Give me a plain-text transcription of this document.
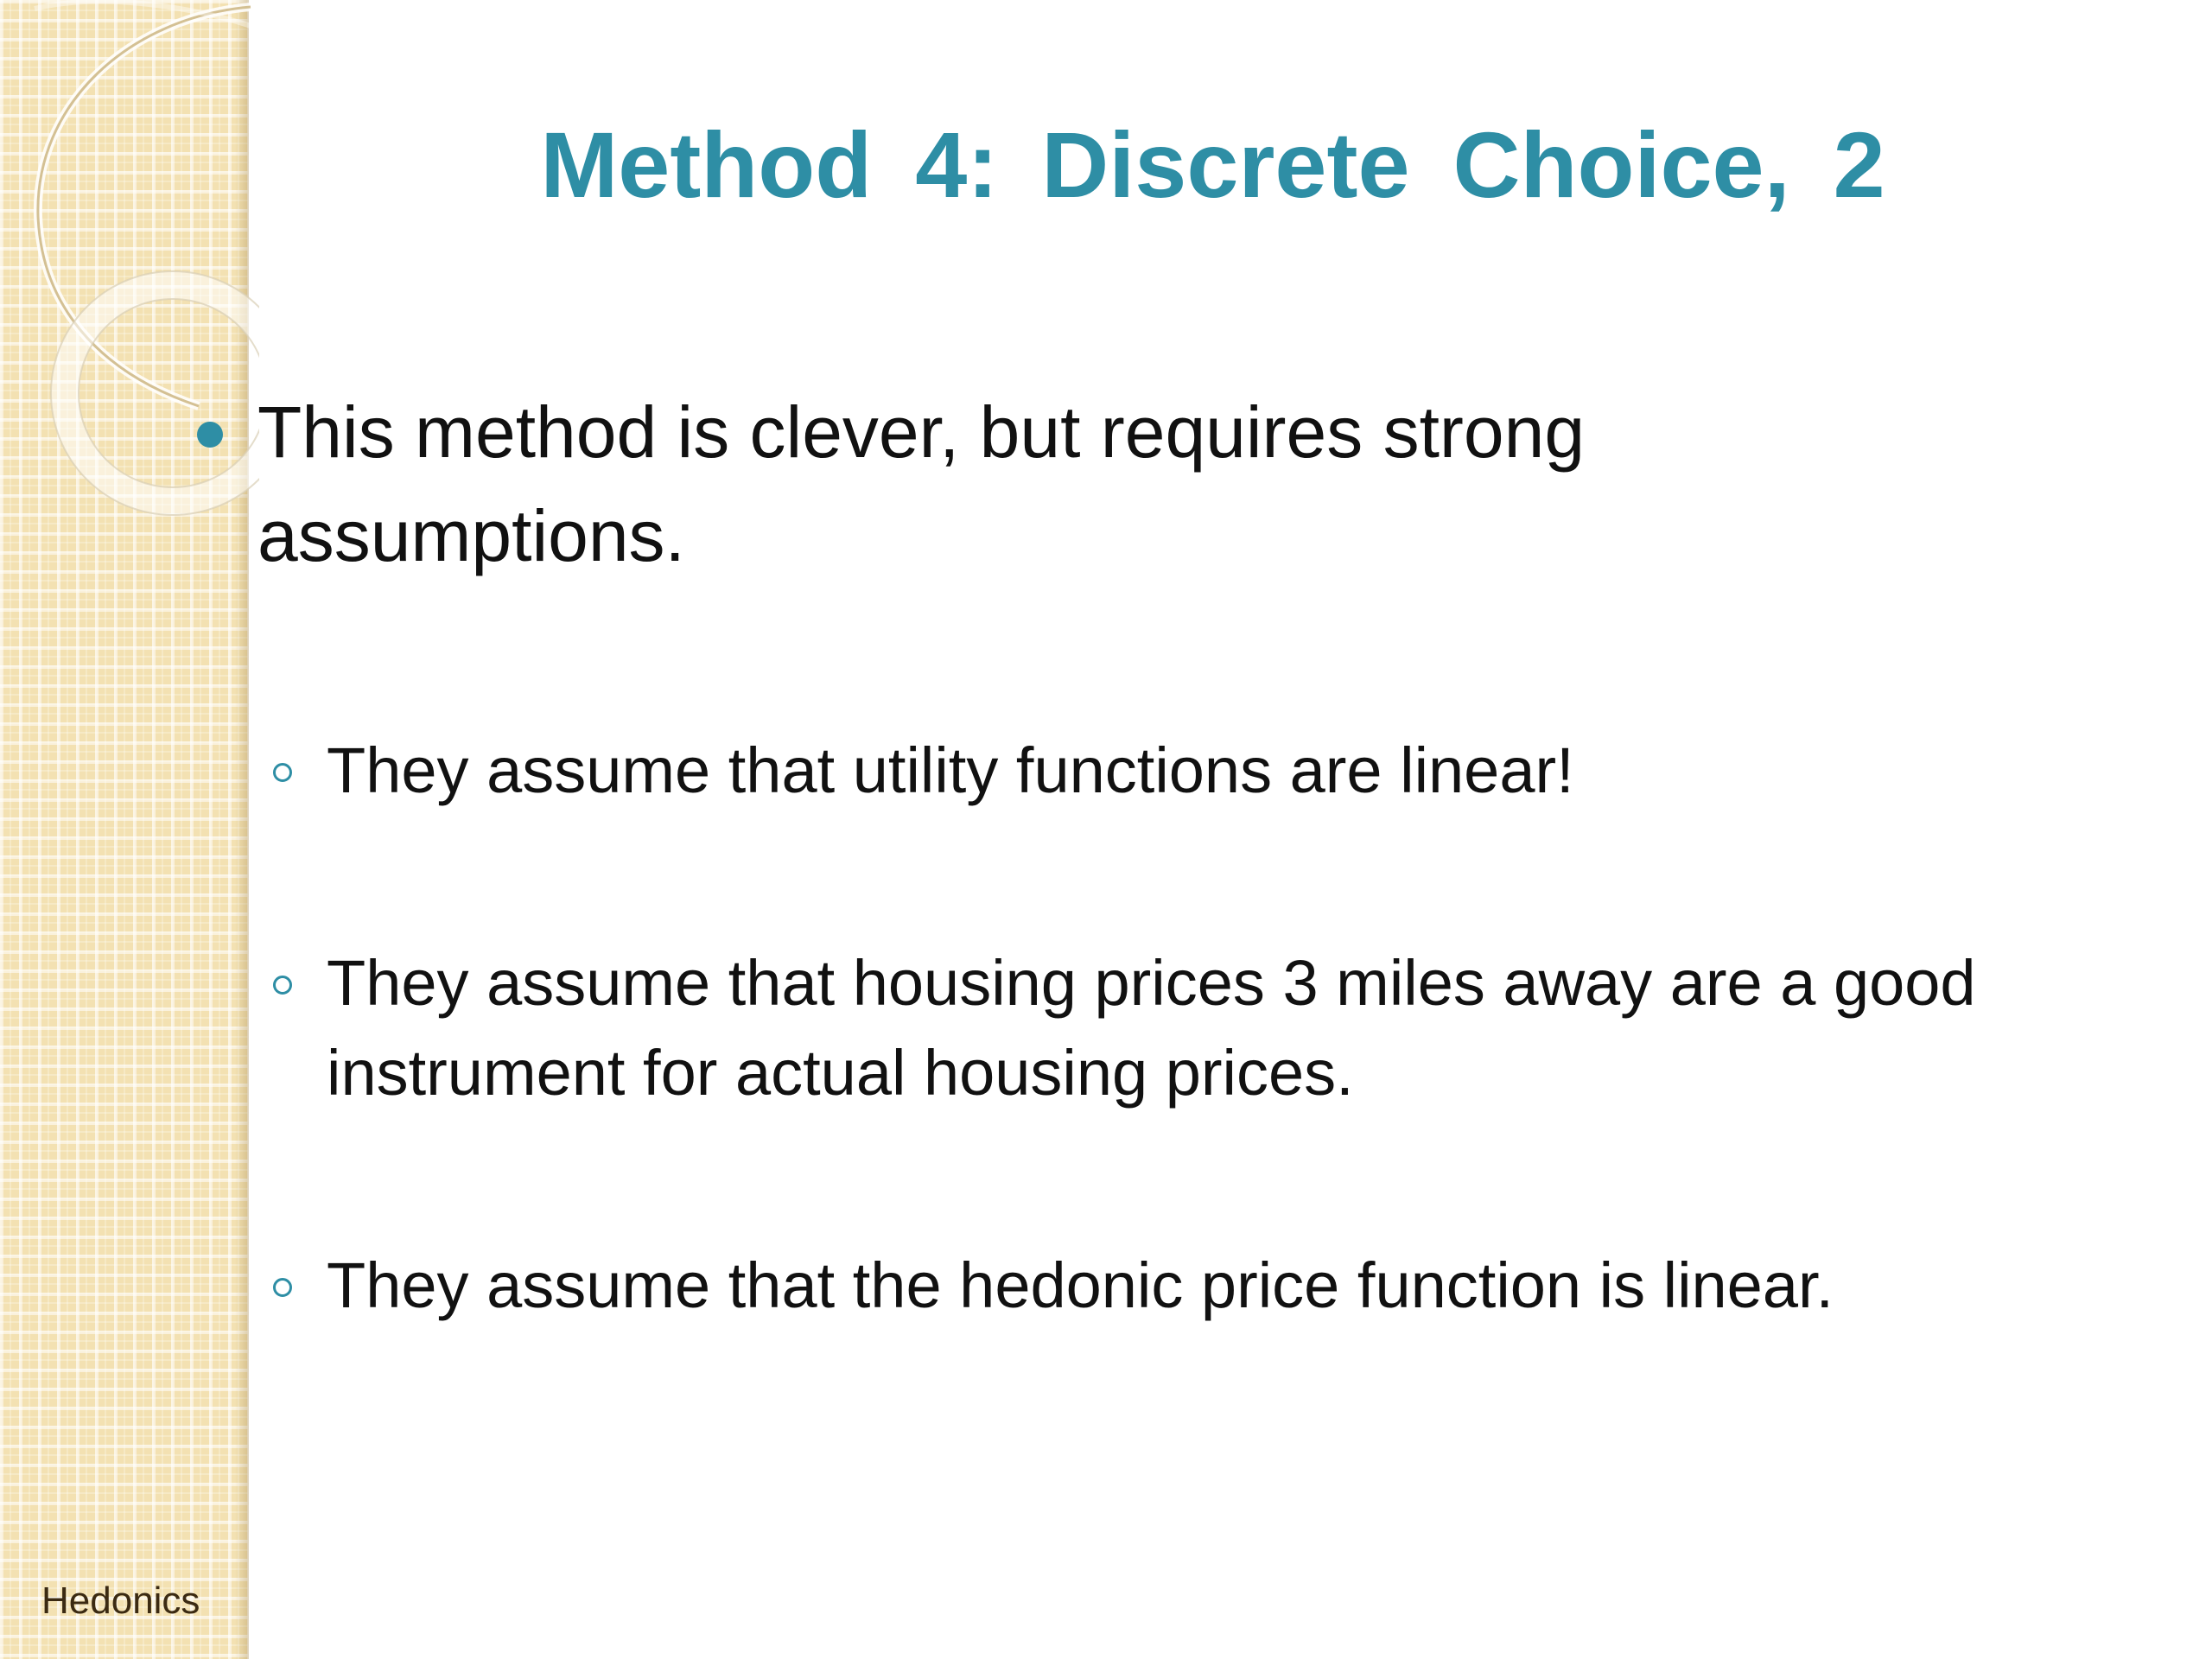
Method 4: Discrete Choice, 2
This method is clever, but requires strong assumptions.
They assume that utility functions are linear!
They assume that housing prices 3 miles away are a good instrument for actual housing prices.
They assume that the hedonic price function is linear.
Hedonics
